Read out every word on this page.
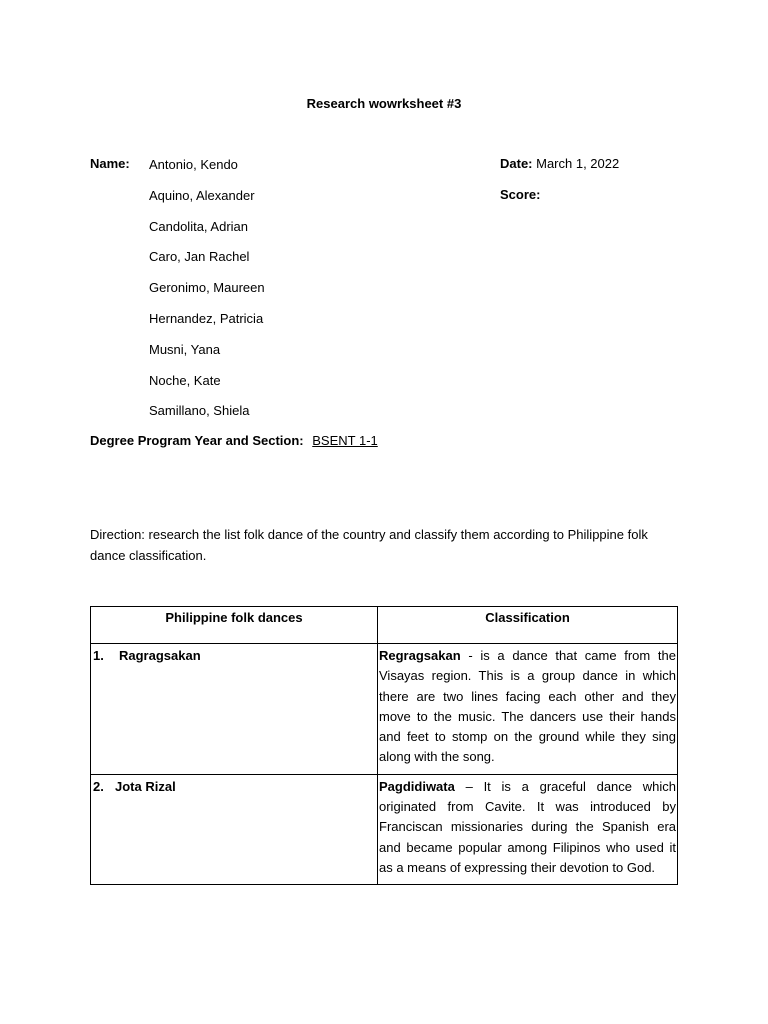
Research wowrksheet #3
Name: Antonio, Kendo
Aquino, Alexander
Candolita, Adrian
Caro, Jan Rachel
Geronimo, Maureen
Hernandez, Patricia
Musni, Yana
Noche, Kate
Samillano, Shiela
Date: March 1, 2022
Score:
Degree Program Year and Section: BSENT 1-1
Direction: research the list folk dance of the country and classify them according to Philippine folk dance classification.
Philippine folk dances	Classification
1. Ragragsakan	Regragsakan - is a dance that came from the Visayas region. This is a group dance in which there are two lines facing each other and they move to the music. The dancers use their hands and feet to stomp on the ground while they sing along with the song.
2. Jota Rizal	Pagdidiwata – It is a graceful dance which originated from Cavite. It was introduced by Franciscan missionaries during the Spanish era and became popular among Filipinos who used it as a means of expressing their devotion to God.
